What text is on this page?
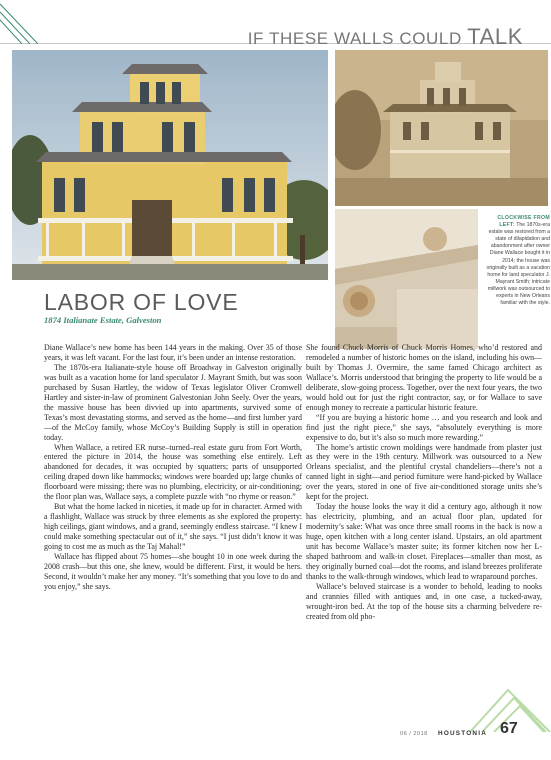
IF THESE WALLS COULD TALK
CLOCKWISE FROM LEFT: The 1870s-era estate was restored from a state of dilapidation and abandonment after owner Diane Wallace bought it in 2014; the house was originally built as a vacation home for land speculator J. Mayrant Smith; intricate millwork was outsourced to experts in New Orleans familiar with the style.
LABOR OF LOVE
1874 Italianate Estate, Galveston

Diane Wallace’s new home has been 144 years in the making. Over 35 of those years, it was left vacant. For the last four, it’s been under an intense restoration.

The 1870s-era Italianate-style house off Broadway in Galveston originally was built as a vacation home for land speculator J. Mayrant Smith, but was soon purchased by Susan Hartley, the widow of Texas legislator Oliver Cromwell Hartley and sister-in-law of prominent Galvestonian John Seely. Over the years, the massive house has been divvied up into apartments, survived some of Texas’s most devastating storms, and served as the home—and first lumber yard—of the McCoy family, whose McCoy’s Building Supply is still in operation today.

When Wallace, a retired ER nurse–turned–real estate guru from Fort Worth, entered the picture in 2014, the house was something else entirely. Left abandoned for decades, it was occupied by squatters; parts of unsupported ceiling draped down like hammocks; windows were boarded up; large chunks of floorboard were missing; there was no plumbing, electricity, or air-conditioning; the floor plan was, Wallace says, a complete puzzle with “no rhyme or reason.”

But what the home lacked in niceties, it made up for in character. Armed with a flashlight, Wallace was struck by three elements as she explored the property: high ceilings, giant windows, and a grand, seemingly endless staircase. “I knew I could make something spectacular out of it,” she says. “I just didn’t know it was going to cost me as much as the Taj Mahal!”

Wallace has flipped about 75 homes—she bought 10 in one week during the 2008 crash—but this one, she knew, would be different. First, it would be hers. Second, it wouldn’t make her any money. “It’s something that you love to do and you enjoy,” she says.

She found Chuck Morris of Chuck Morris Homes, who’d restored and remodeled a number of historic homes on the island, including his own—built by Thomas J. Overmire, the same famed Chicago architect as Wallace’s. Morris understood that bringing the property to life would be a deliberate, slow-going process. Together, over the next four years, the two would hold out for just the right contractor, say, or for Wallace to save enough money to recreate a particular historic feature.

“If you are buying a historic home … and you research and look and find just the right piece,” she says, “absolutely everything is more expensive to do, but it’s also so much more rewarding.”

The home’s artistic crown moldings were handmade from plaster just as they were in the 19th century. Millwork was outsourced to a New Orleans specialist, and the plentiful crystal chandeliers—there’s not a canned light in sight—and period furniture were hand-picked by Wallace over the years, stored in one of five air-conditioned storage units she’s kept for the project.

Today the house looks the way it did a century ago, although it now has electricity, plumbing, and an actual floor plan, updated for modernity’s sake: What was once three small rooms in the back is now a huge, open kitchen with a long center island. Upstairs, an old apartment unit has become Wallace’s master suite; its former kitchen now her L-shaped bathroom and walk-in closet. Fireplaces—smaller than most, as they originally burned coal—dot the rooms, and island breezes proliferate thanks to the walk-through windows, which lead to wraparound porches.

Wallace’s beloved staircase is a wonder to behold, leading to nooks and crannies filled with antiques and, in one case, a tucked-away, wrought-iron bed. At the top of the house sits a charming belvedere re-created from old pho-

06 / 2018 HOUSTONIA 67
